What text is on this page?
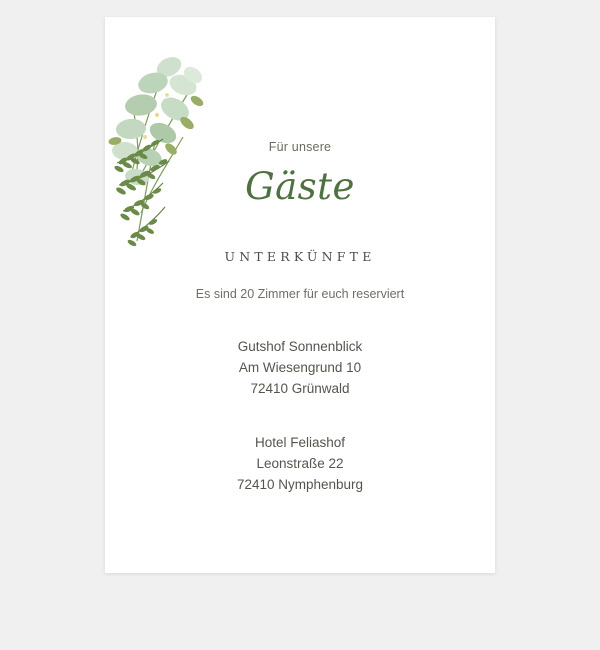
Für unsere
Gäste
UNTERKÜNFTE
Es sind 20 Zimmer für euch reserviert
Gutshof Sonnenblick
Am Wiesengrund 10
72410 Grünwald
Hotel Feliashof
Leonstraße 22
72410 Nymphenburg
